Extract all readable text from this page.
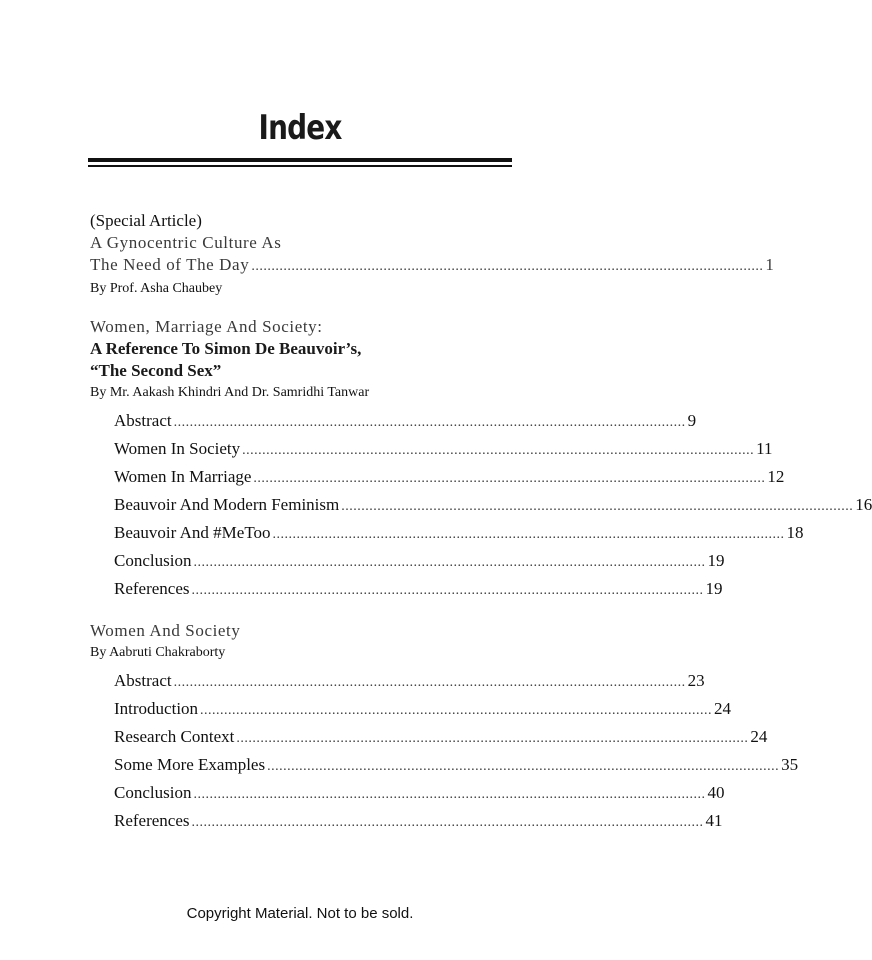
Index
(Special Article)
A Gynocentric Culture As
The Need of The Day ................................................................................................................................ 1
By Prof. Asha Chaubey
Women, Marriage And Society:
A Reference To Simon De Beauvoir’s,
“The Second Sex”
By Mr. Aakash Khindri And Dr. Samridhi Tanwar
Abstract ................................................................................................................................ 9
Women In Society ................................................................................................................................ 11
Women In Marriage ................................................................................................................................ 12
Beauvoir And Modern Feminism ................................................................................................................................ 16
Beauvoir And #MeToo ................................................................................................................................ 18
Conclusion ................................................................................................................................ 19
References ................................................................................................................................ 19
Women And Society
By Aabruti Chakraborty
Abstract ................................................................................................................................ 23
Introduction ................................................................................................................................ 24
Research Context ................................................................................................................................ 24
Some More Examples ................................................................................................................................ 35
Conclusion ................................................................................................................................ 40
References ................................................................................................................................ 41
Copyright Material. Not to be sold.
